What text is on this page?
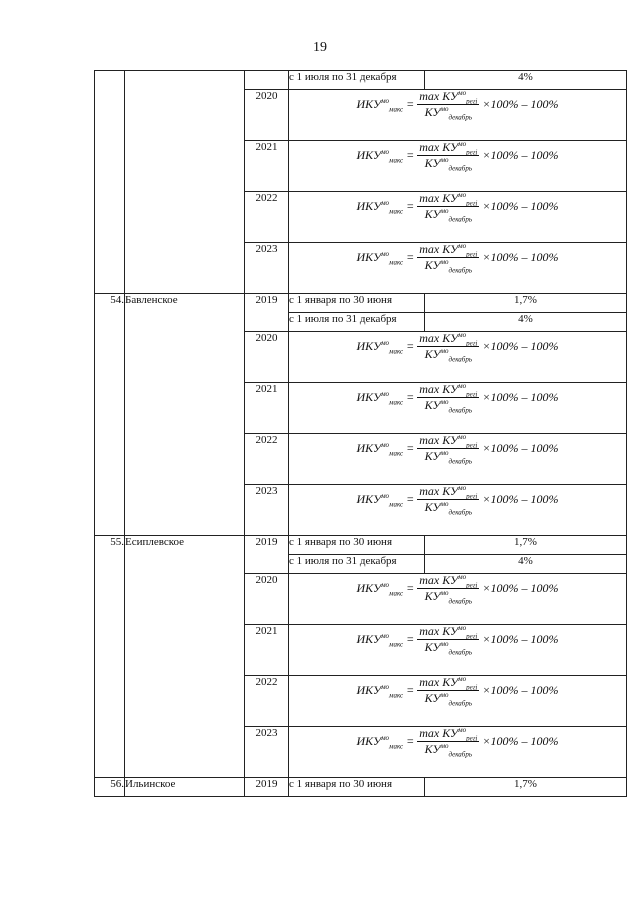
19
			с 1 июля по 31 декабря	4%
		2020	$ИКУ^{мо}_{макс} = \frac{\max КУ^{мо}_{регj}}{КУ^{мо}_{декабрь}} \times 100\% - 100\%$	

		2021	$ИКУ^{мо}_{макс} = \frac{\max КУ^{мо}_{регj}}{КУ^{мо}_{декабрь}} \times 100\% - 100\%$	

		2022	$ИКУ^{мо}_{макс} = \frac{\max КУ^{мо}_{регj}}{КУ^{мо}_{декабрь}} \times 100\% - 100\%$	

		2023	$ИКУ^{мо}_{макс} = \frac{\max КУ^{мо}_{регj}}{КУ^{мо}_{декабрь}} \times 100\% - 100\%$	

54.	Бавленское	2019	с 1 января по 30 июня	1,7%
			с 1 июля по 31 декабря	4%
		2020	$ИКУ^{мо}_{макс} = \frac{\max КУ^{мо}_{регj}}{КУ^{мо}_{декабрь}} \times 100\% - 100\%$	

		2021	$ИКУ^{мо}_{макс} = \frac{\max КУ^{мо}_{регj}}{КУ^{мо}_{декабрь}} \times 100\% - 100\%$	

		2022	$ИКУ^{мо}_{макс} = \frac{\max КУ^{мо}_{регj}}{КУ^{мо}_{декабрь}} \times 100\% - 100\%$	

		2023	$ИКУ^{мо}_{макс} = \frac{\max КУ^{мо}_{регj}}{КУ^{мо}_{декабрь}} \times 100\% - 100\%$	

55.	Есиплевское	2019	с 1 января по 30 июня	1,7%
			с 1 июля по 31 декабря	4%
		2020	$ИКУ^{мо}_{макс} = \frac{\max КУ^{мо}_{регj}}{КУ^{мо}_{декабрь}} \times 100\% - 100\%$	

		2021	$ИКУ^{мо}_{макс} = \frac{\max КУ^{мо}_{регj}}{КУ^{мо}_{декабрь}} \times 100\% - 100\%$	

		2022	$ИКУ^{мо}_{макс} = \frac{\max КУ^{мо}_{регj}}{КУ^{мо}_{декабрь}} \times 100\% - 100\%$	

		2023	$ИКУ^{мо}_{макс} = \frac{\max КУ^{мо}_{регj}}{КУ^{мо}_{декабрь}} \times 100\% - 100\%$	

56.	Ильинское	2019	с 1 января по 30 июня	1,7%
